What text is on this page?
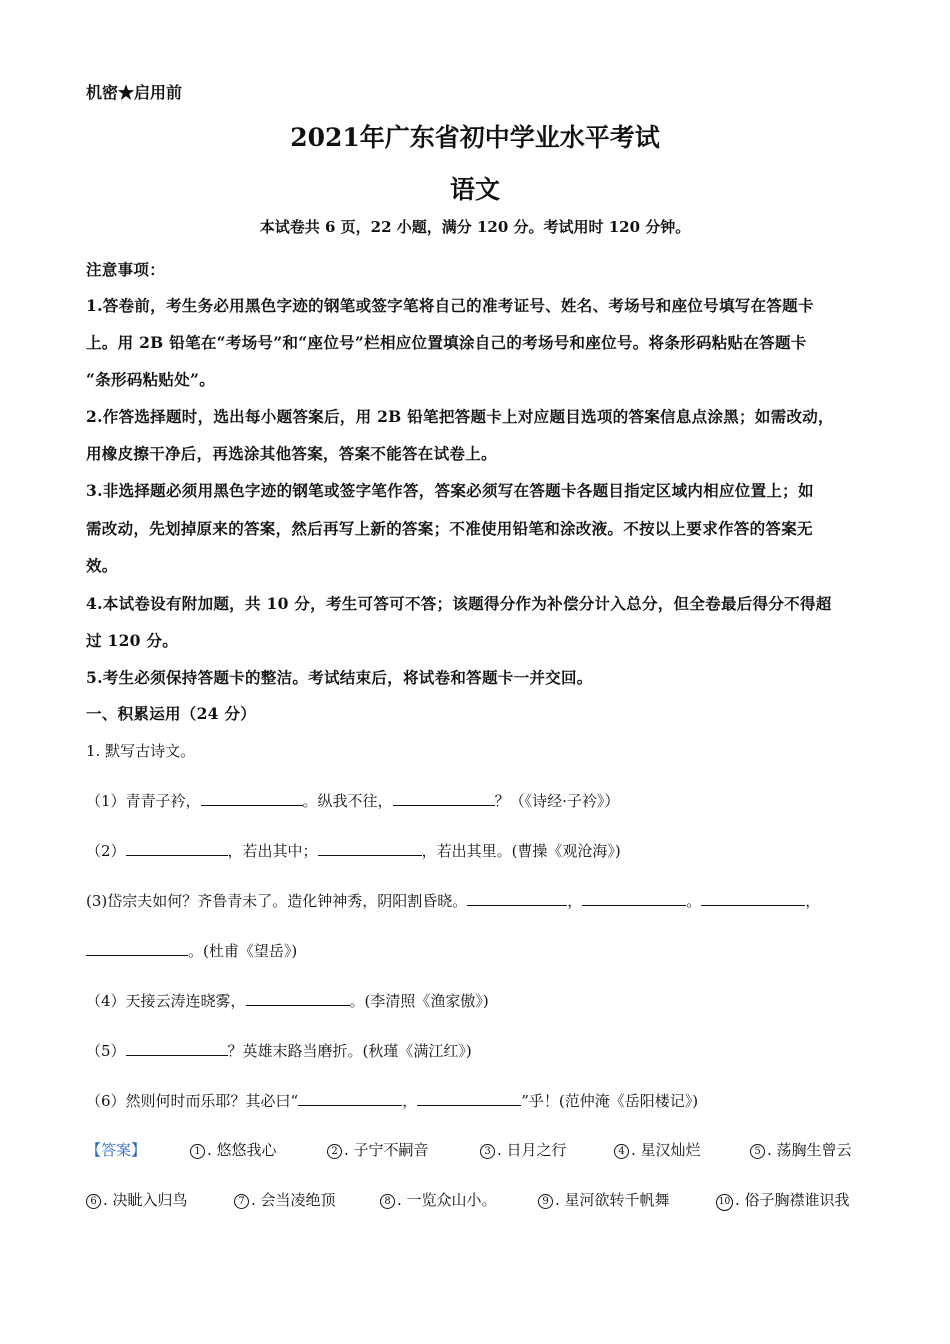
机密★启用前
2021年广东省初中学业水平考试
语文
本试卷共 6 页，22 小题，满分 120 分。考试用时 120 分钟。
注意事项：
1.答卷前，考生务必用黑色字迹的钢笔或签字笔将自己的准考证号、姓名、考场号和座位号填写在答题卡
上。用 2B 铅笔在“考场号”和“座位号”栏相应位置填涂自己的考场号和座位号。将条形码粘贴在答题卡
“条形码粘贴处”。
2.作答选择题时，选出每小题答案后，用 2B 铅笔把答题卡上对应题目选项的答案信息点涂黑；如需改动，
用橡皮擦干净后，再选涂其他答案，答案不能答在试卷上。
3.非选择题必须用黑色字迹的钢笔或签字笔作答，答案必须写在答题卡各题目指定区域内相应位置上；如
需改动，先划掉原来的答案，然后再写上新的答案；不准使用铅笔和涂改液。不按以上要求作答的答案无
效。
4.本试卷设有附加题，共 10 分，考生可答可不答；该题得分作为补偿分计入总分，但全卷最后得分不得超
过 120 分。
5.考生必须保持答题卡的整洁。考试结束后，将试卷和答题卡一并交回。
一、积累运用（24 分）
1. 默写古诗文。
（1）青青子衿，	。纵我不往，	？（《诗经·子衿》）
（2）	，若出其中；	，若出其里。(曹操《观沧海》)
(3)岱宗夫如何？齐鲁青未了。造化钟神秀，阴阳割昏晓。	，	。	，
。(杜甫《望岳》)
（4）天接云涛连晓雾，	。(李清照《渔家傲》)
（5）	？英雄末路当磨折。(秋瑾《满江红》)
（6）然则何时而乐耶？其必曰“	，	”乎！(范仲淹《岳阳楼记》)
【答案】	1 . 悠悠我心	2 . 子宁不嗣音	3 . 日月之行	4 . 星汉灿烂	5 . 荡胸生曾云
6 . 决眦入归鸟	7 . 会当凌绝顶	8 . 一览众山小。	9 . 星河欲转千帆舞	10 . 俗子胸襟谁识我
